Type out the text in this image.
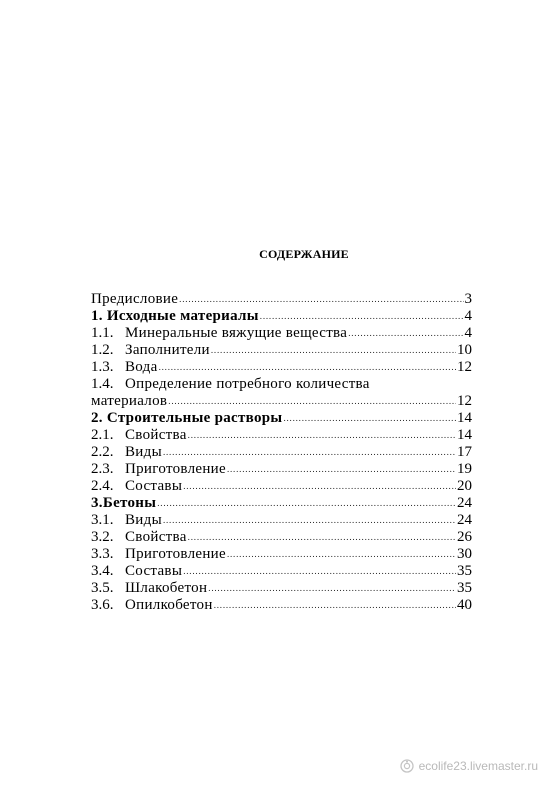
СОДЕРЖАНИЕ
Предисловие .....	3
1. Исходные материалы .....	4
1.1. Минеральные вяжущие вещества .....	4
1.2. Заполнители .....	10
1.3. Вода .....	12
1.4. Определение потребного количества
материалов .....	12
2. Строительные растворы .....	14
2.1. Свойства .....	14
2.2. Виды .....	17
2.3. Приготовление .....	19
2.4. Составы .....	20
3.Бетоны .....	24
3.1. Виды .....	24
3.2. Свойства .....	26
3.3. Приготовление .....	30
3.4. Составы .....	35
3.5. Шлакобетон .....	35
3.6. Опилкобетон .....	40
ecolife23.livemaster.ru
